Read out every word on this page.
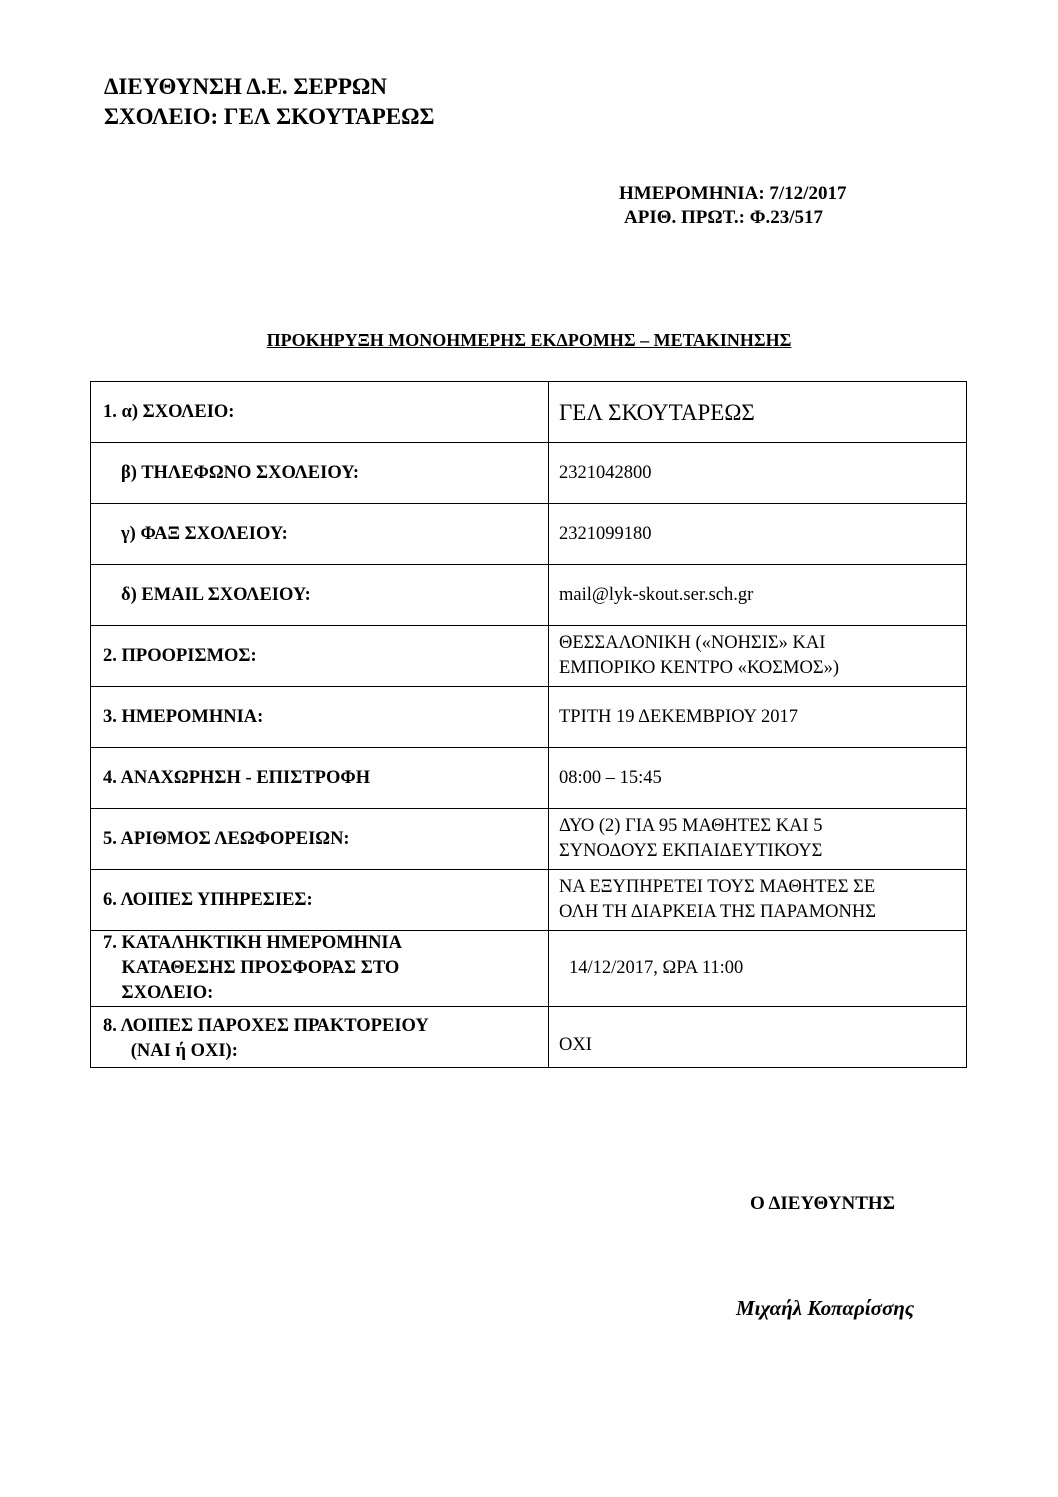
ΔΙΕΥΘΥΝΣΗ Δ.Ε. ΣΕΡΡΩΝ
ΣΧΟΛΕΙΟ: ΓΕΛ ΣΚΟΥΤΑΡΕΩΣ
ΗΜΕΡΟΜΗΝΙΑ: 7/12/2017
ΑΡΙΘ. ΠΡΩΤ.: Φ.23/517
ΠΡΟΚΗΡΥΞΗ ΜΟΝΟΗΜΕΡΗΣ ΕΚΔΡΟΜΗΣ – ΜΕΤΑΚΙΝΗΣΗΣ
1. α) ΣΧΟΛΕΙΟ:	ΓΕΛ ΣΚΟΥΤΑΡΕΩΣ

β) ΤΗΛΕΦΩΝΟ ΣΧΟΛΕΙΟΥ:	2321042800

γ) ΦΑΞ ΣΧΟΛΕΙΟΥ:	2321099180

δ) EMAIL ΣΧΟΛΕΙΟΥ:	mail@lyk-skout.ser.sch.gr

2. ΠΡΟΟΡΙΣΜΟΣ:	ΘΕΣΣΑΛΟΝΙΚΗ («ΝΟΗΣΙΣ» ΚΑΙ
ΕΜΠΟΡΙΚΟ ΚΕΝΤΡΟ «ΚΟΣΜΟΣ»)

3. ΗΜΕΡΟΜΗΝΙΑ:	ΤΡΙΤΗ 19 ΔΕΚΕΜΒΡΙΟΥ 2017

4. ΑΝΑΧΩΡΗΣΗ - ΕΠΙΣΤΡΟΦΗ	08:00 – 15:45

5. ΑΡΙΘΜΟΣ ΛΕΩΦΟΡΕΙΩΝ:	ΔΥΟ (2) ΓΙΑ 95 ΜΑΘΗΤΕΣ ΚΑΙ 5
ΣΥΝΟΔΟΥΣ ΕΚΠΑΙΔΕΥΤΙΚΟΥΣ

6. ΛΟΙΠΕΣ ΥΠΗΡΕΣΙΕΣ:	ΝΑ ΕΞΥΠΗΡΕΤΕΙ ΤΟΥΣ ΜΑΘΗΤΕΣ ΣΕ
ΟΛΗ ΤΗ ΔΙΑΡΚΕΙΑ ΤΗΣ ΠΑΡΑΜΟΝΗΣ

7. ΚΑΤΑΛΗΚΤΙΚΗ ΗΜΕΡΟΜΗΝΙΑ
ΚΑΤΑΘΕΣΗΣ ΠΡΟΣΦΟΡΑΣ ΣΤΟ
ΣΧΟΛΕΙΟ:	14/12/2017, ΩΡΑ 11:00

8. ΛΟΙΠΕΣ ΠΑΡΟΧΕΣ ΠΡΑΚΤΟΡΕΙΟΥ
(ΝΑΙ ή ΟΧΙ):	ΟΧΙ
Ο ΔΙΕΥΘΥΝΤΗΣ
Μιχαήλ Κοπαρίσσης
